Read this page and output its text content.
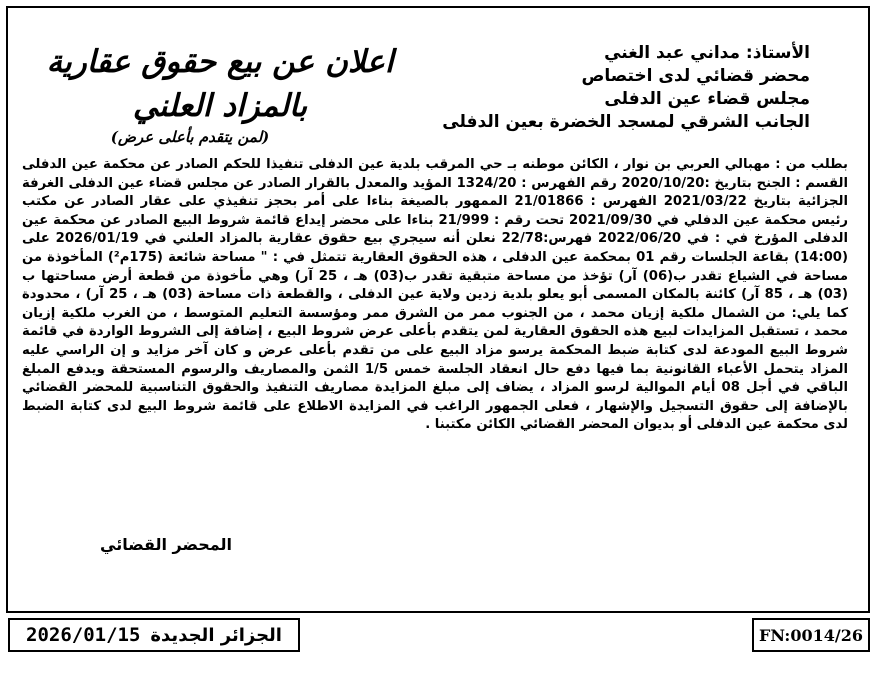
الأستاذ: مداني عبد الغني
محضر قضائي لدى اختصاص
مجلس قضاء عين الدفلى
الجانب الشرقي لمسجد الخضرة بعين الدفلى
اعلان عن بيع حقوق عقارية
بالمزاد العلني
(لمن يتقدم بأعلى عرض)

بطلب من : مهبالي العربي بن نوار ، الكائن موطنه بـ حي المرقب بلدية عين الدفلى تنفيذا للحكم الصادر عن محكمة عين الدفلى القسم : الجنح بتاريخ :2020/10/20 رقم الفهرس : 1324/20 المؤيد والمعدل بالقرار الصادر عن مجلس قضاء عين الدفلى الغرفة الجزائية بتاريخ 2021/03/22 الفهرس : 21/01866 الممهور بالصيغة بناءا على أمر بحجز تنفيذي على عقار الصادر عن مكتب رئيس محكمة عين الدفلي في 2021/09/30 تحت رقم : 21/999 بناءا على محضر إيداع قائمة شروط البيع الصادر عن محكمة عين الدفلى المؤرخ في : في 2022/06/20 فهرس:22/78 نعلن أنه سيجري بيع حقوق عقارية بالمزاد العلني في 2026/01/19 على (14:00) بقاعة الجلسات رقم 01 بمحكمة عين الدفلى ، هذه الحقوق العقارية تتمثل في : " مساحة شائعة (175م²) المأخوذة من مساحة في الشياع تقدر ب(06) آر) تؤخذ من مساحة متبقية تقدر ب(03) هـ ، 25 آر) وهي مأخوذة من قطعة أرض مساحتها ب (03) هـ ، 85 آر) كائنة بالمكان المسمى أبو يعلو بلدية زدين ولاية عين الدفلى ، والقطعة ذات مساحة (03) هـ ، 25 آر) ، محدودة كما يلي: من الشمال ملكية إزيان محمد ، من الجنوب ممر من الشرق ممر ومؤسسة التعليم المتوسط ، من الغرب ملكية إزيان محمد ، تستقبل المزايدات لبيع هذه الحقوق العقارية لمن يتقدم بأعلى عرض شروط البيع ، إضافة إلى الشروط الواردة في قائمة شروط البيع المودعة لدى كتابة ضبط المحكمة يرسو مزاد البيع على من تقدم بأعلى عرض و كان آخر مزايد و إن الراسي عليه المزاد يتحمل الأعباء القانونية بما فيها دفع حال انعقاد الجلسة خمس 1/5 الثمن والمصاريف والرسوم المستحقة ويدفع المبلغ الباقي في أجل 08 أيام الموالية لرسو المزاد ، يضاف إلى مبلغ المزايدة مصاريف التنفيذ والحقوق التناسبية للمحضر القضائي بالإضافة إلى حقوق التسجيل والإشهار ، فعلى الجمهور الراغب في المزايدة الاطلاع على قائمة شروط البيع لدى كتابة الضبط لدى محكمة عين الدفلى أو بديوان المحضر القضائي الكائن مكتبنا .

المحضر القضائي
الجزائر الجديدة
2026/01/15	FN:0014/26
